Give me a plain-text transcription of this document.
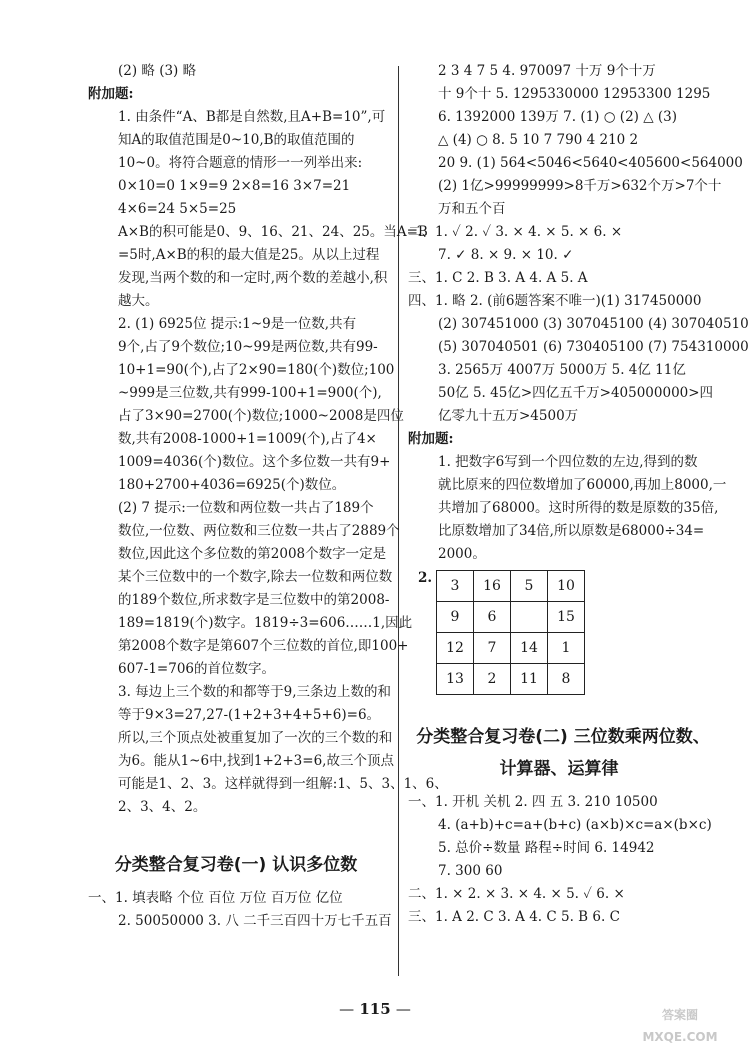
(2) 略 (3) 略
附加题:
1. 由条件“A、B都是自然数,且A+B=10”,可
知A的取值范围是0~10,B的取值范围的
10~0。将符合题意的情形一一列举出来:
0×10=0 1×9=9 2×8=16 3×7=21
4×6=24 5×5=25
A×B的积可能是0、9、16、21、24、25。当A=B
=5时,A×B的积的最大值是25。从以上过程
发现,当两个数的和一定时,两个数的差越小,积
越大。
2. (1) 6925位 提示:1~9是一位数,共有
9个,占了9个数位;10~99是两位数,共有99-
10+1=90(个),占了2×90=180(个)数位;100
~999是三位数,共有999-100+1=900(个),
占了3×90=2700(个)数位;1000~2008是四位
数,共有2008-1000+1=1009(个),占了4×
1009=4036(个)数位。这个多位数一共有9+
180+2700+4036=6925(个)数位。
(2) 7 提示:一位数和两位数一共占了189个
数位,一位数、两位数和三位数一共占了2889个
数位,因此这个多位数的第2008个数字一定是
某个三位数中的一个数字,除去一位数和两位数
的189个数位,所求数字是三位数中的第2008-
189=1819(个)数字。1819÷3=606……1,因此
第2008个数字是第607个三位数的首位,即100+
607-1=706的首位数字。
3. 每边上三个数的和都等于9,三条边上数的和
等于9×3=27,27-(1+2+3+4+5+6)=6。
所以,三个顶点处被重复加了一次的三个数的和
为6。能从1~6中,找到1+2+3=6,故三个顶点
可能是1、2、3。这样就得到一组解:1、5、3、1、6、
2、3、4、2。
分类整合复习卷(一) 认识多位数
一、1. 填表略 个位 百位 万位 百万位 亿位
2. 50050000 3. 八 二千三百四十万七千五百
2 3 4 7 5 4. 970097 十万 9个十万
十 9个十 5. 1295330000 12953300 1295
6. 1392000 139万 7. (1) ○ (2) △ (3)
△ (4) ○ 8. 5 10 7 790 4 210 2
20 9. (1) 564<5046<5640<405600<564000
(2) 1亿>99999999>8千万>632个万>7个十
万和五个百
二、1. ✓ 2. ✓ 3. × 4. × 5. × 6. ×
7. ✓ 8. × 9. × 10. ✓
三、1. C 2. B 3. A 4. A 5. A
四、1. 略 2. (前6题答案不唯一)(1) 317450000
(2) 307451000 (3) 307045100 (4) 307040510
(5) 307040501 (6) 730405100 (7) 754310000
3. 2565万 4007万 5000万 5. 4亿 11亿
50亿 5. 45亿>四亿五千万>405000000>四
亿零九十五万>4500万
附加题:
1. 把数字6写到一个四位数的左边,得到的数
就比原来的四位数增加了60000,再加上8000,一
共增加了68000。这时所得的数是原数的35倍,
比原数增加了34倍,所以原数是68000÷34=
2000。
2. 3	16	5	10
9	6		15
12	7	14	1
13	2	11	8
分类整合复习卷(二) 三位数乘两位数、
计算器、运算律
一、1. 开机 关机 2. 四 五 3. 210 10500
4. (a+b)+c=a+(b+c) (a×b)×c=a×(b×c)
5. 总价÷数量 路程÷时间 6. 14942
7. 300 60
二、1. × 2. × 3. × 4. × 5. ✓ 6. ×
三、1. A 2. C 3. A 4. C 5. B 6. C
— 115 —	答案圈
MXQE.COM
